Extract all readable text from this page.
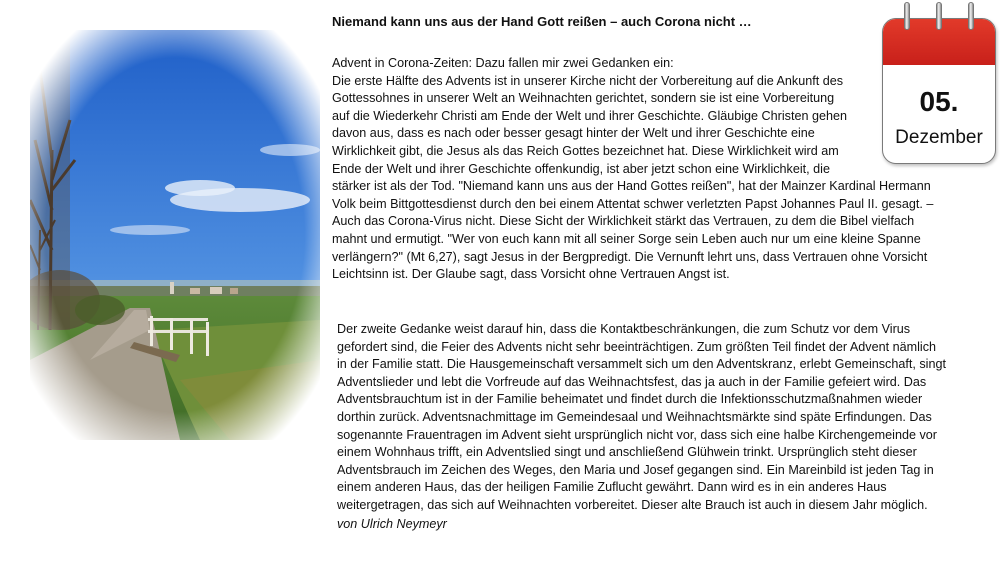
Niemand kann uns aus der Hand Gott reißen – auch Corona nicht …

Advent in Corona-Zeiten: Dazu fallen mir zwei Gedanken ein:
Die erste Hälfte des Advents ist in unserer Kirche nicht der Vorbereitung auf die Ankunft des
Gottessohnes in unserer Welt an Weihnachten gerichtet, sondern sie ist eine Vorbereitung
auf die Wiederkehr Christi am Ende der Welt und ihrer Geschichte. Gläubige Christen gehen
davon aus, dass es nach oder besser gesagt hinter der Welt und ihrer Geschichte eine
Wirklichkeit gibt, die Jesus als das Reich Gottes bezeichnet hat. Diese Wirklichkeit wird am
Ende der Welt und ihrer Geschichte offenkundig, ist aber jetzt schon eine Wirklichkeit, die
stärker ist als der Tod. "Niemand kann uns aus der Hand Gottes reißen", hat der Mainzer Kardinal Hermann
Volk beim Bittgottesdienst durch den bei einem Attentat schwer verletzten Papst Johannes Paul II. gesagt. –
Auch das Corona-Virus nicht. Diese Sicht der Wirklichkeit stärkt das Vertrauen, zu dem die Bibel vielfach
mahnt und ermutigt. "Wer von euch kann mit all seiner Sorge sein Leben auch nur um eine kleine Spanne
verlängern?" (Mt 6,27), sagt Jesus in der Bergpredigt. Die Vernunft lehrt uns, dass Vertrauen ohne Vorsicht
Leichtsinn ist. Der Glaube sagt, dass Vorsicht ohne Vertrauen Angst ist.
Der zweite Gedanke weist darauf hin, dass die Kontaktbeschränkungen, die zum Schutz vor dem Virus
gefordert sind, die Feier des Advents nicht sehr beeinträchtigen. Zum größten Teil findet der Advent nämlich
in der Familie statt. Die Hausgemeinschaft versammelt sich um den Adventskranz, erlebt Gemeinschaft, singt
Adventslieder und lebt die Vorfreude auf das Weihnachtsfest, das ja auch in der Familie gefeiert wird. Das
Adventsbrauchtum ist in der Familie beheimatet und findet durch die Infektionsschutzmaßnahmen wieder
dorthin zurück. Adventsnachmittage im Gemeindesaal und Weihnachtsmärkte sind späte Erfindungen. Das
sogenannte Frauentragen im Advent sieht ursprünglich nicht vor, dass sich eine halbe Kirchengemeinde vor
einem Wohnhaus trifft, ein Adventslied singt und anschließend Glühwein trinkt. Ursprünglich steht dieser
Adventsbrauch im Zeichen des Weges, den Maria und Josef gegangen sind. Ein Mareinbild ist jeden Tag in
einem anderen Haus, das der heiligen Familie Zuflucht gewährt. Dann wird es in ein anderes Haus
weitergetragen, das sich auf Weihnachten vorbereitet. Dieser alte Brauch ist auch in diesem Jahr möglich.
von Ulrich Neymeyr
05.
Dezember
